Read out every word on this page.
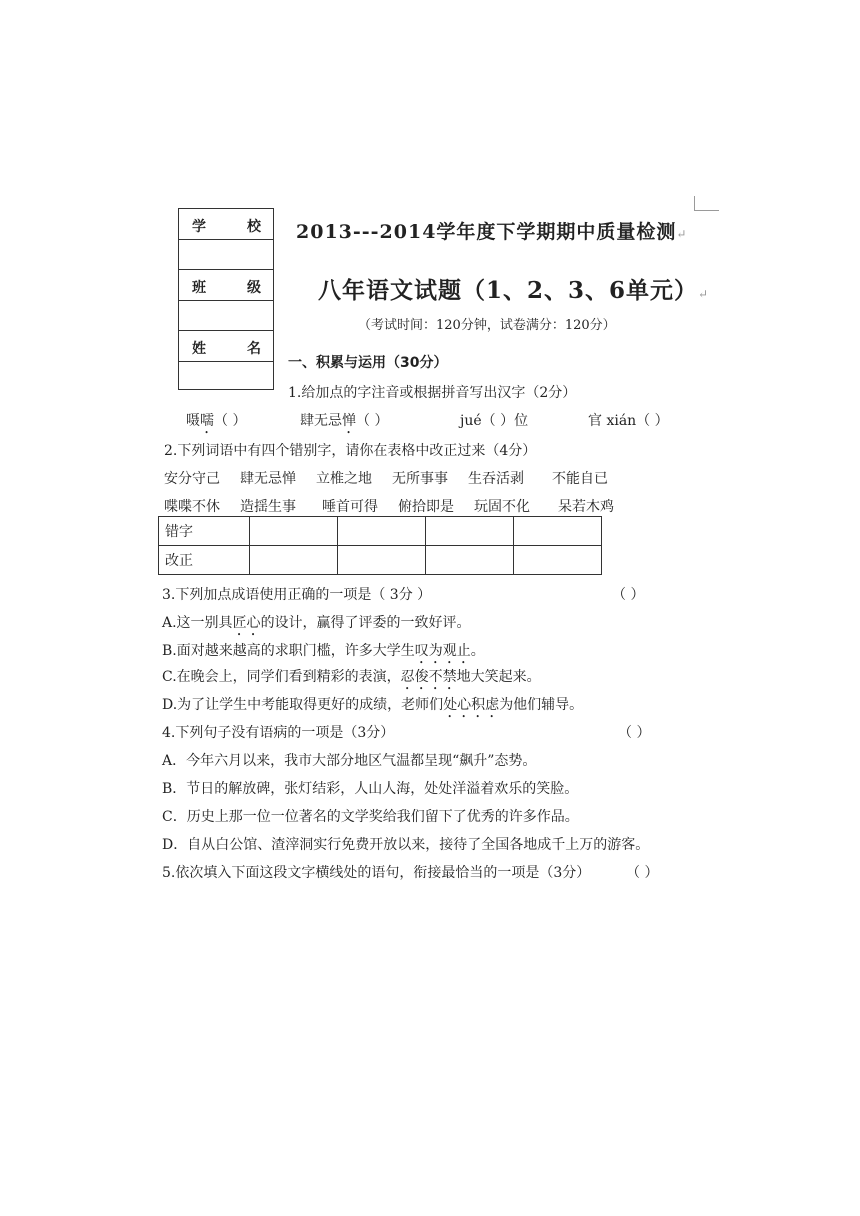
学	校
班	级
姓	名
2013---2014学年度下学期期中质量检测↵
八年语文试题（1、2、3、6单元）↵
（考试时间：120分钟，试卷满分：120分）
一、积累与运用（30分）
1.给加点的字注音或根据拼音写出汉字（2分）
嗫嚅（ ）	肆无忌惮（ ）	jué（ ）位	官 xián（ ）
2.下列词语中有四个错别字，请你在表格中改正过来（4分）
安分守己 肆无忌惮 立椎之地 无所事事 生吞活剥 不能自已
喋喋不休 造揺生事 唾首可得 俯拾即是 玩固不化 呆若木鸡
错字				
改正				
3.下列加点成语使用正确的一项是（ 3分 ）	（ ）
A.这一别具匠心的设计，赢得了评委的一致好评。
B.面对越来越高的求职门槛，许多大学生叹为观止。
C.在晚会上，同学们看到精彩的表演，忍俊不禁地大笑起来。
D.为了让学生中考能取得更好的成绩，老师们处心积虑为他们辅导。
4.下列句子没有语病的一项是（3分）	（ ）
A．今年六月以来，我市大部分地区气温都呈现“飙升”态势。
B．节日的解放碑，张灯结彩，人山人海，处处洋溢着欢乐的笑脸。
C．历史上那一位一位著名的文学奖给我们留下了优秀的许多作品。
D．自从白公馆、渣滓洞实行免费开放以来，接待了全国各地成千上万的游客。
5.依次填入下面这段文字横线处的语句，衔接最恰当的一项是（3分）	（ ）
